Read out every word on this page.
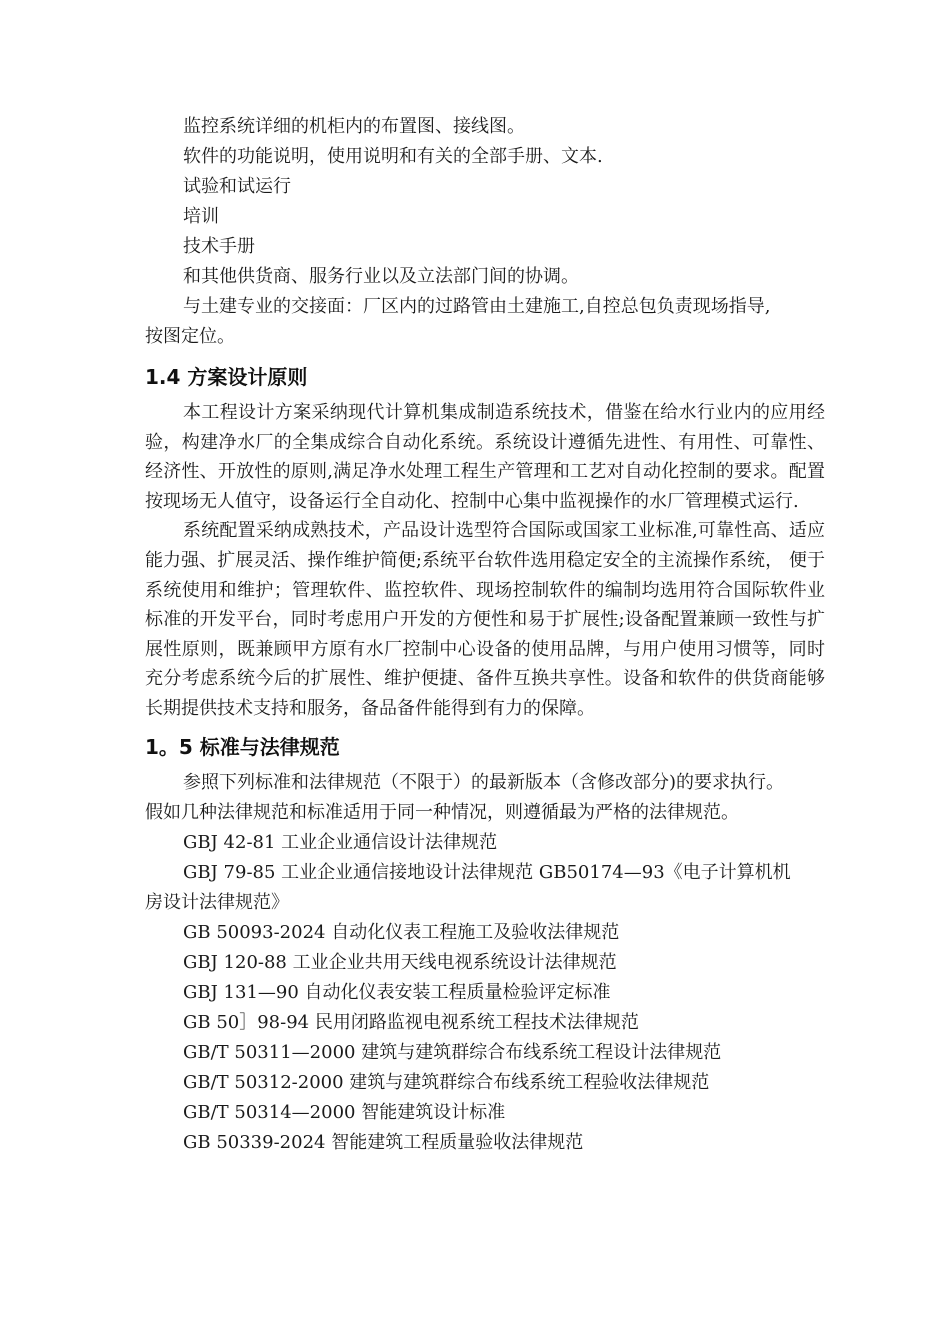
监控系统详细的机柜内的布置图、接线图。
软件的功能说明，使用说明和有关的全部手册、文本.
试验和试运行
培训
技术手册
和其他供货商、服务行业以及立法部门间的协调。
与土建专业的交接面：厂区内的过路管由土建施工,自控总包负责现场指导,
按图定位。
1.4 方案设计原则
本工程设计方案采纳现代计算机集成制造系统技术，借鉴在给水行业内的应用经验，构建净水厂的全集成综合自动化系统。系统设计遵循先进性、有用性、可靠性、 经济性、开放性的原则,满足净水处理工程生产管理和工艺对自动化控制的要求。配置按现场无人值守，设备运行全自动化、控制中心集中监视操作的水厂管理模式运行.
系统配置采纳成熟技术，产品设计选型符合国际或国家工业标准,可靠性高、适应能力强、扩展灵活、操作维护简便;系统平台软件选用稳定安全的主流操作系统， 便于系统使用和维护；管理软件、监控软件、现场控制软件的编制均选用符合国际软件业标准的开发平台，同时考虑用户开发的方便性和易于扩展性;设备配置兼顾一致性与扩展性原则，既兼顾甲方原有水厂控制中心设备的使用品牌，与用户使用习惯等，同时充分考虑系统今后的扩展性、维护便捷、备件互换共享性。设备和软件的供货商能够长期提供技术支持和服务，备品备件能得到有力的保障。
1。5 标准与法律规范
参照下列标准和法律规范（不限于）的最新版本（含修改部分)的要求执行。
假如几种法律规范和标准适用于同一种情况，则遵循最为严格的法律规范。
GBJ 42-81 工业企业通信设计法律规范
GBJ 79-85 工业企业通信接地设计法律规范 GB50174—93《电子计算机机
房设计法律规范》
GB 50093-2024 自动化仪表工程施工及验收法律规范
GBJ 120-88 工业企业共用天线电视系统设计法律规范
GBJ 131—90 自动化仪表安装工程质量检验评定标准
GB 50］98-94 民用闭路监视电视系统工程技术法律规范
GB/T 50311—2000 建筑与建筑群综合布线系统工程设计法律规范
GB/T 50312-2000 建筑与建筑群综合布线系统工程验收法律规范
GB/T 50314—2000 智能建筑设计标准
GB 50339-2024 智能建筑工程质量验收法律规范
